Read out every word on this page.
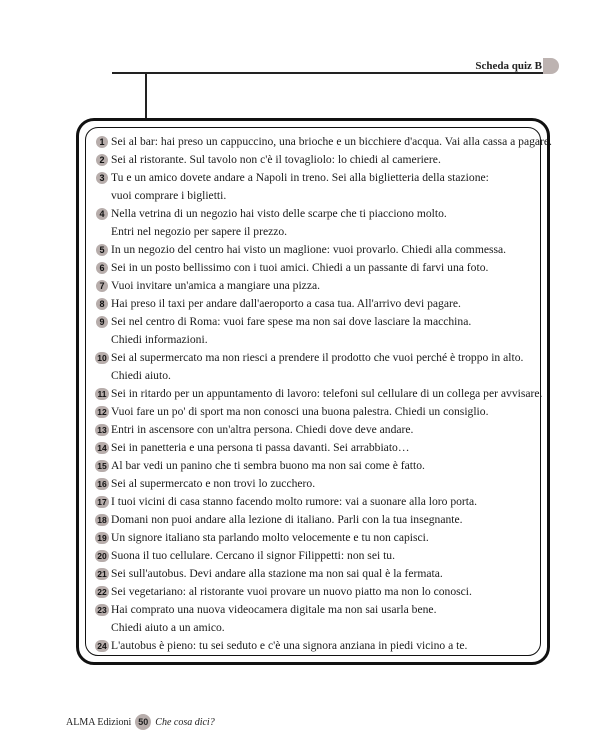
Scheda quiz B
1 Sei al bar: hai preso un cappuccino, una brioche e un bicchiere d'acqua. Vai alla cassa a pagare.
2 Sei al ristorante. Sul tavolo non c'è il tovagliolo: lo chiedi al cameriere.
3 Tu e un amico dovete andare a Napoli in treno. Sei alla biglietteria della stazione:
vuoi comprare i biglietti.
4 Nella vetrina di un negozio hai visto delle scarpe che ti piacciono molto.
Entri nel negozio per sapere il prezzo.
5 In un negozio del centro hai visto un maglione: vuoi provarlo. Chiedi alla commessa.
6 Sei in un posto bellissimo con i tuoi amici. Chiedi a un passante di farvi una foto.
7 Vuoi invitare un'amica a mangiare una pizza.
8 Hai preso il taxi per andare dall'aeroporto a casa tua. All'arrivo devi pagare.
9 Sei nel centro di Roma: vuoi fare spese ma non sai dove lasciare la macchina.
Chiedi informazioni.
10 Sei al supermercato ma non riesci a prendere il prodotto che vuoi perché è troppo in alto.
Chiedi aiuto.
11 Sei in ritardo per un appuntamento di lavoro: telefoni sul cellulare di un collega per avvisare.
12 Vuoi fare un po' di sport ma non conosci una buona palestra. Chiedi un consiglio.
13 Entri in ascensore con un'altra persona. Chiedi dove deve andare.
14 Sei in panetteria e una persona ti passa davanti. Sei arrabbiato…
15 Al bar vedi un panino che ti sembra buono ma non sai come è fatto.
16 Sei al supermercato e non trovi lo zucchero.
17 I tuoi vicini di casa stanno facendo molto rumore: vai a suonare alla loro porta.
18 Domani non puoi andare alla lezione di italiano. Parli con la tua insegnante.
19 Un signore italiano sta parlando molto velocemente e tu non capisci.
20 Suona il tuo cellulare. Cercano il signor Filippetti: non sei tu.
21 Sei sull'autobus. Devi andare alla stazione ma non sai qual è la fermata.
22 Sei vegetariano: al ristorante vuoi provare un nuovo piatto ma non lo conosci.
23 Hai comprato una nuova videocamera digitale ma non sai usarla bene.
Chiedi aiuto a un amico.
24 L'autobus è pieno: tu sei seduto e c'è una signora anziana in piedi vicino a te.
ALMA Edizioni 50 Che cosa dici?
